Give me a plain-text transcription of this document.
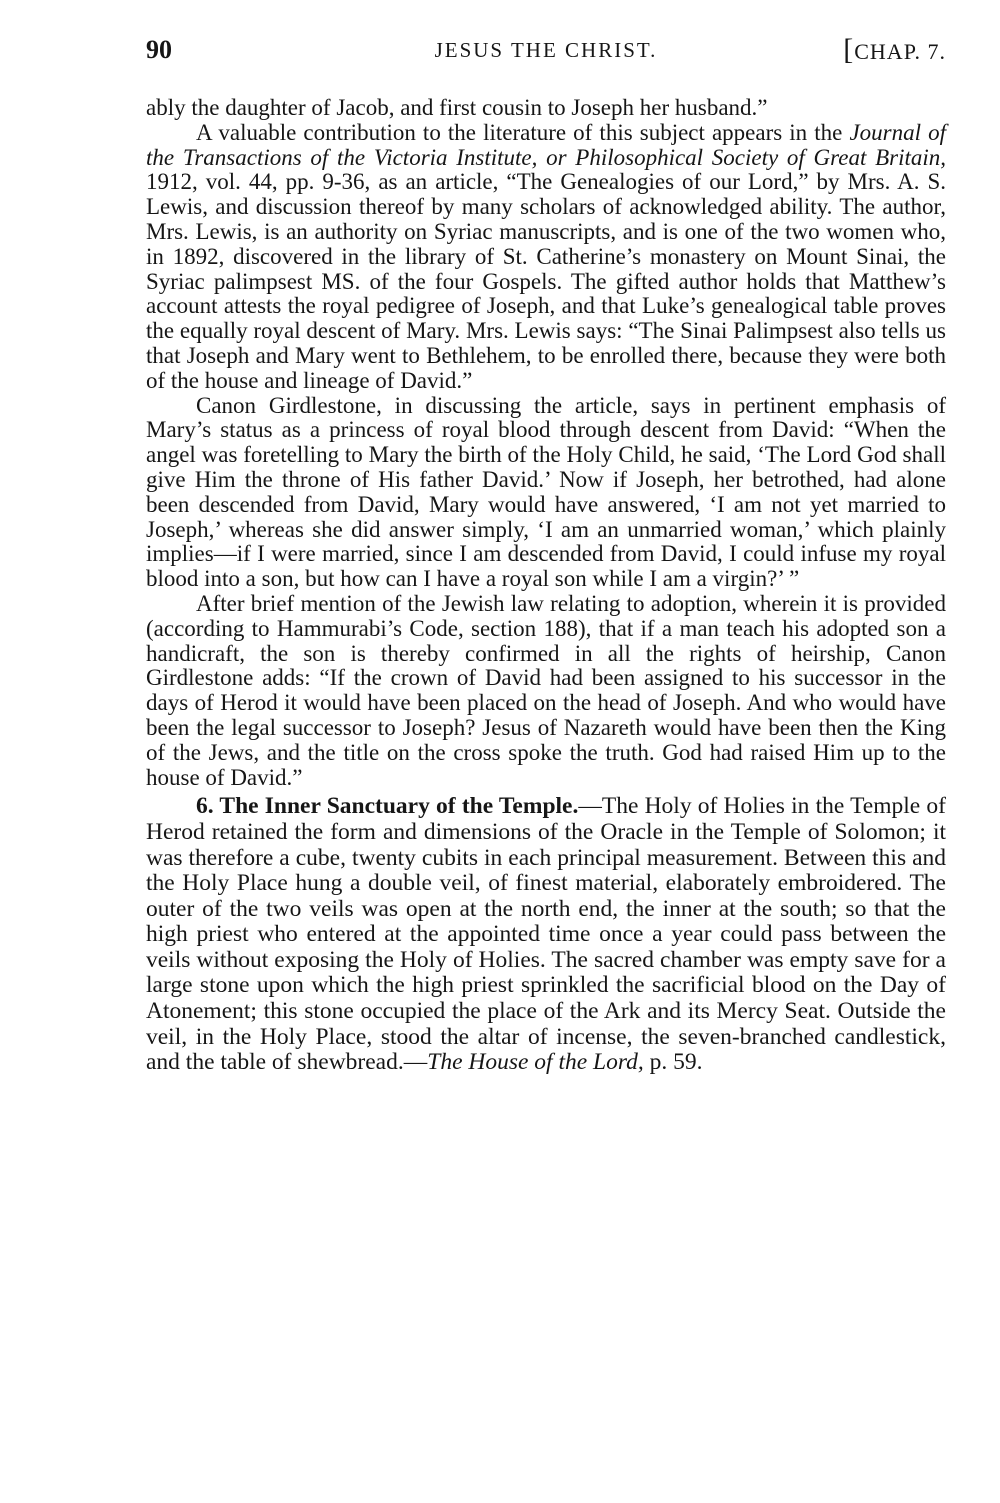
90	JESUS THE CHRIST.	[CHAP. 7.

ably the daughter of Jacob, and first cousin to Joseph her husband.”

A valuable contribution to the literature of this subject appears in the Journal of the Transactions of the Victoria Institute, or Philosophical Society of Great Britain, 1912, vol. 44, pp. 9-36, as an article, “The Genealogies of our Lord,” by Mrs. A. S. Lewis, and discussion thereof by many scholars of acknowledged ability. The author, Mrs. Lewis, is an authority on Syriac manuscripts, and is one of the two women who, in 1892, discovered in the library of St. Catherine’s monastery on Mount Sinai, the Syriac palimpsest MS. of the four Gospels. The gifted author holds that Matthew’s account attests the royal pedigree of Joseph, and that Luke’s genealogical table proves the equally royal descent of Mary. Mrs. Lewis says: “The Sinai Palimpsest also tells us that Joseph and Mary went to Bethlehem, to be enrolled there, because they were both of the house and lineage of David.”

Canon Girdlestone, in discussing the article, says in pertinent emphasis of Mary’s status as a princess of royal blood through descent from David: “When the angel was foretelling to Mary the birth of the Holy Child, he said, ‘The Lord God shall give Him the throne of His father David.’ Now if Joseph, her betrothed, had alone been descended from David, Mary would have answered, ‘I am not yet married to Joseph,’ whereas she did answer simply, ‘I am an unmarried woman,’ which plainly implies—if I were married, since I am descended from David, I could infuse my royal blood into a son, but how can I have a royal son while I am a virgin?’ ”

After brief mention of the Jewish law relating to adoption, wherein it is provided (according to Hammurabi’s Code, section 188), that if a man teach his adopted son a handicraft, the son is thereby confirmed in all the rights of heirship, Canon Girdlestone adds: “If the crown of David had been assigned to his successor in the days of Herod it would have been placed on the head of Joseph. And who would have been the legal successor to Joseph? Jesus of Nazareth would have been then the King of the Jews, and the title on the cross spoke the truth. God had raised Him up to the house of David.”

6. The Inner Sanctuary of the Temple.—The Holy of Holies in the Temple of Herod retained the form and dimensions of the Oracle in the Temple of Solomon; it was therefore a cube, twenty cubits in each principal measurement. Between this and the Holy Place hung a double veil, of finest material, elaborately embroidered. The outer of the two veils was open at the north end, the inner at the south; so that the high priest who entered at the appointed time once a year could pass between the veils without exposing the Holy of Holies. The sacred chamber was empty save for a large stone upon which the high priest sprinkled the sacrificial blood on the Day of Atonement; this stone occupied the place of the Ark and its Mercy Seat. Outside the veil, in the Holy Place, stood the altar of incense, the seven-branched candlestick, and the table of shewbread.—The House of the Lord, p. 59.
